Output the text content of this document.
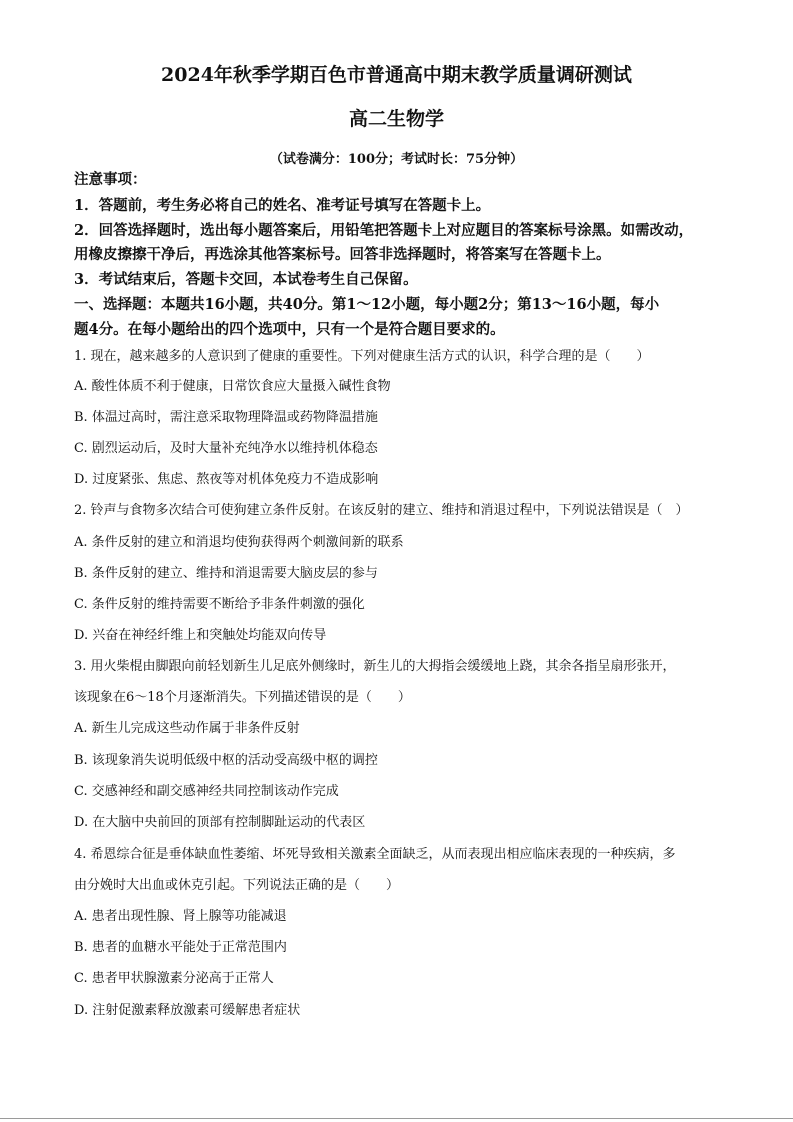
2024年秋季学期百色市普通高中期末教学质量调研测试
高二生物学
（试卷满分：100分；考试时长：75分钟）
注意事项：
1．答题前，考生务必将自己的姓名、准考证号填写在答题卡上。
2．回答选择题时，选出每小题答案后，用铅笔把答题卡上对应题目的答案标号涂黑。如需改动，
用橡皮擦擦干净后，再选涂其他答案标号。回答非选择题时，将答案写在答题卡上。
3．考试结束后，答题卡交回，本试卷考生自己保留。
一、选择题：本题共16小题，共40分。第1～12小题，每小题2分；第13～16小题，每小
题4分。在每小题给出的四个选项中，只有一个是符合题目要求的。
1. 现在，越来越多的人意识到了健康的重要性。下列对健康生活方式的认识，科学合理的是（　　）
A. 酸性体质不利于健康，日常饮食应大量摄入碱性食物
B. 体温过高时，需注意采取物理降温或药物降温措施
C. 剧烈运动后，及时大量补充纯净水以维持机体稳态
D. 过度紧张、焦虑、熬夜等对机体免疫力不造成影响
2. 铃声与食物多次结合可使狗建立条件反射。在该反射的建立、维持和消退过程中，下列说法错误是（　）
A. 条件反射的建立和消退均使狗获得两个刺激间新的联系
B. 条件反射的建立、维持和消退需要大脑皮层的参与
C. 条件反射的维持需要不断给予非条件刺激的强化
D. 兴奋在神经纤维上和突触处均能双向传导
3. 用火柴棍由脚跟向前轻划新生儿足底外侧缘时，新生儿的大拇指会缓缓地上跷，其余各指呈扇形张开，
该现象在6～18个月逐渐消失。下列描述错误的是（　　）
A. 新生儿完成这些动作属于非条件反射
B. 该现象消失说明低级中枢的活动受高级中枢的调控
C. 交感神经和副交感神经共同控制该动作完成
D. 在大脑中央前回的顶部有控制脚趾运动的代表区
4. 希恩综合征是垂体缺血性萎缩、坏死导致相关激素全面缺乏，从而表现出相应临床表现的一种疾病，多
由分娩时大出血或休克引起。下列说法正确的是（　　）
A. 患者出现性腺、肾上腺等功能减退
B. 患者的血糖水平能处于正常范围内
C. 患者甲状腺激素分泌高于正常人
D. 注射促激素释放激素可缓解患者症状
